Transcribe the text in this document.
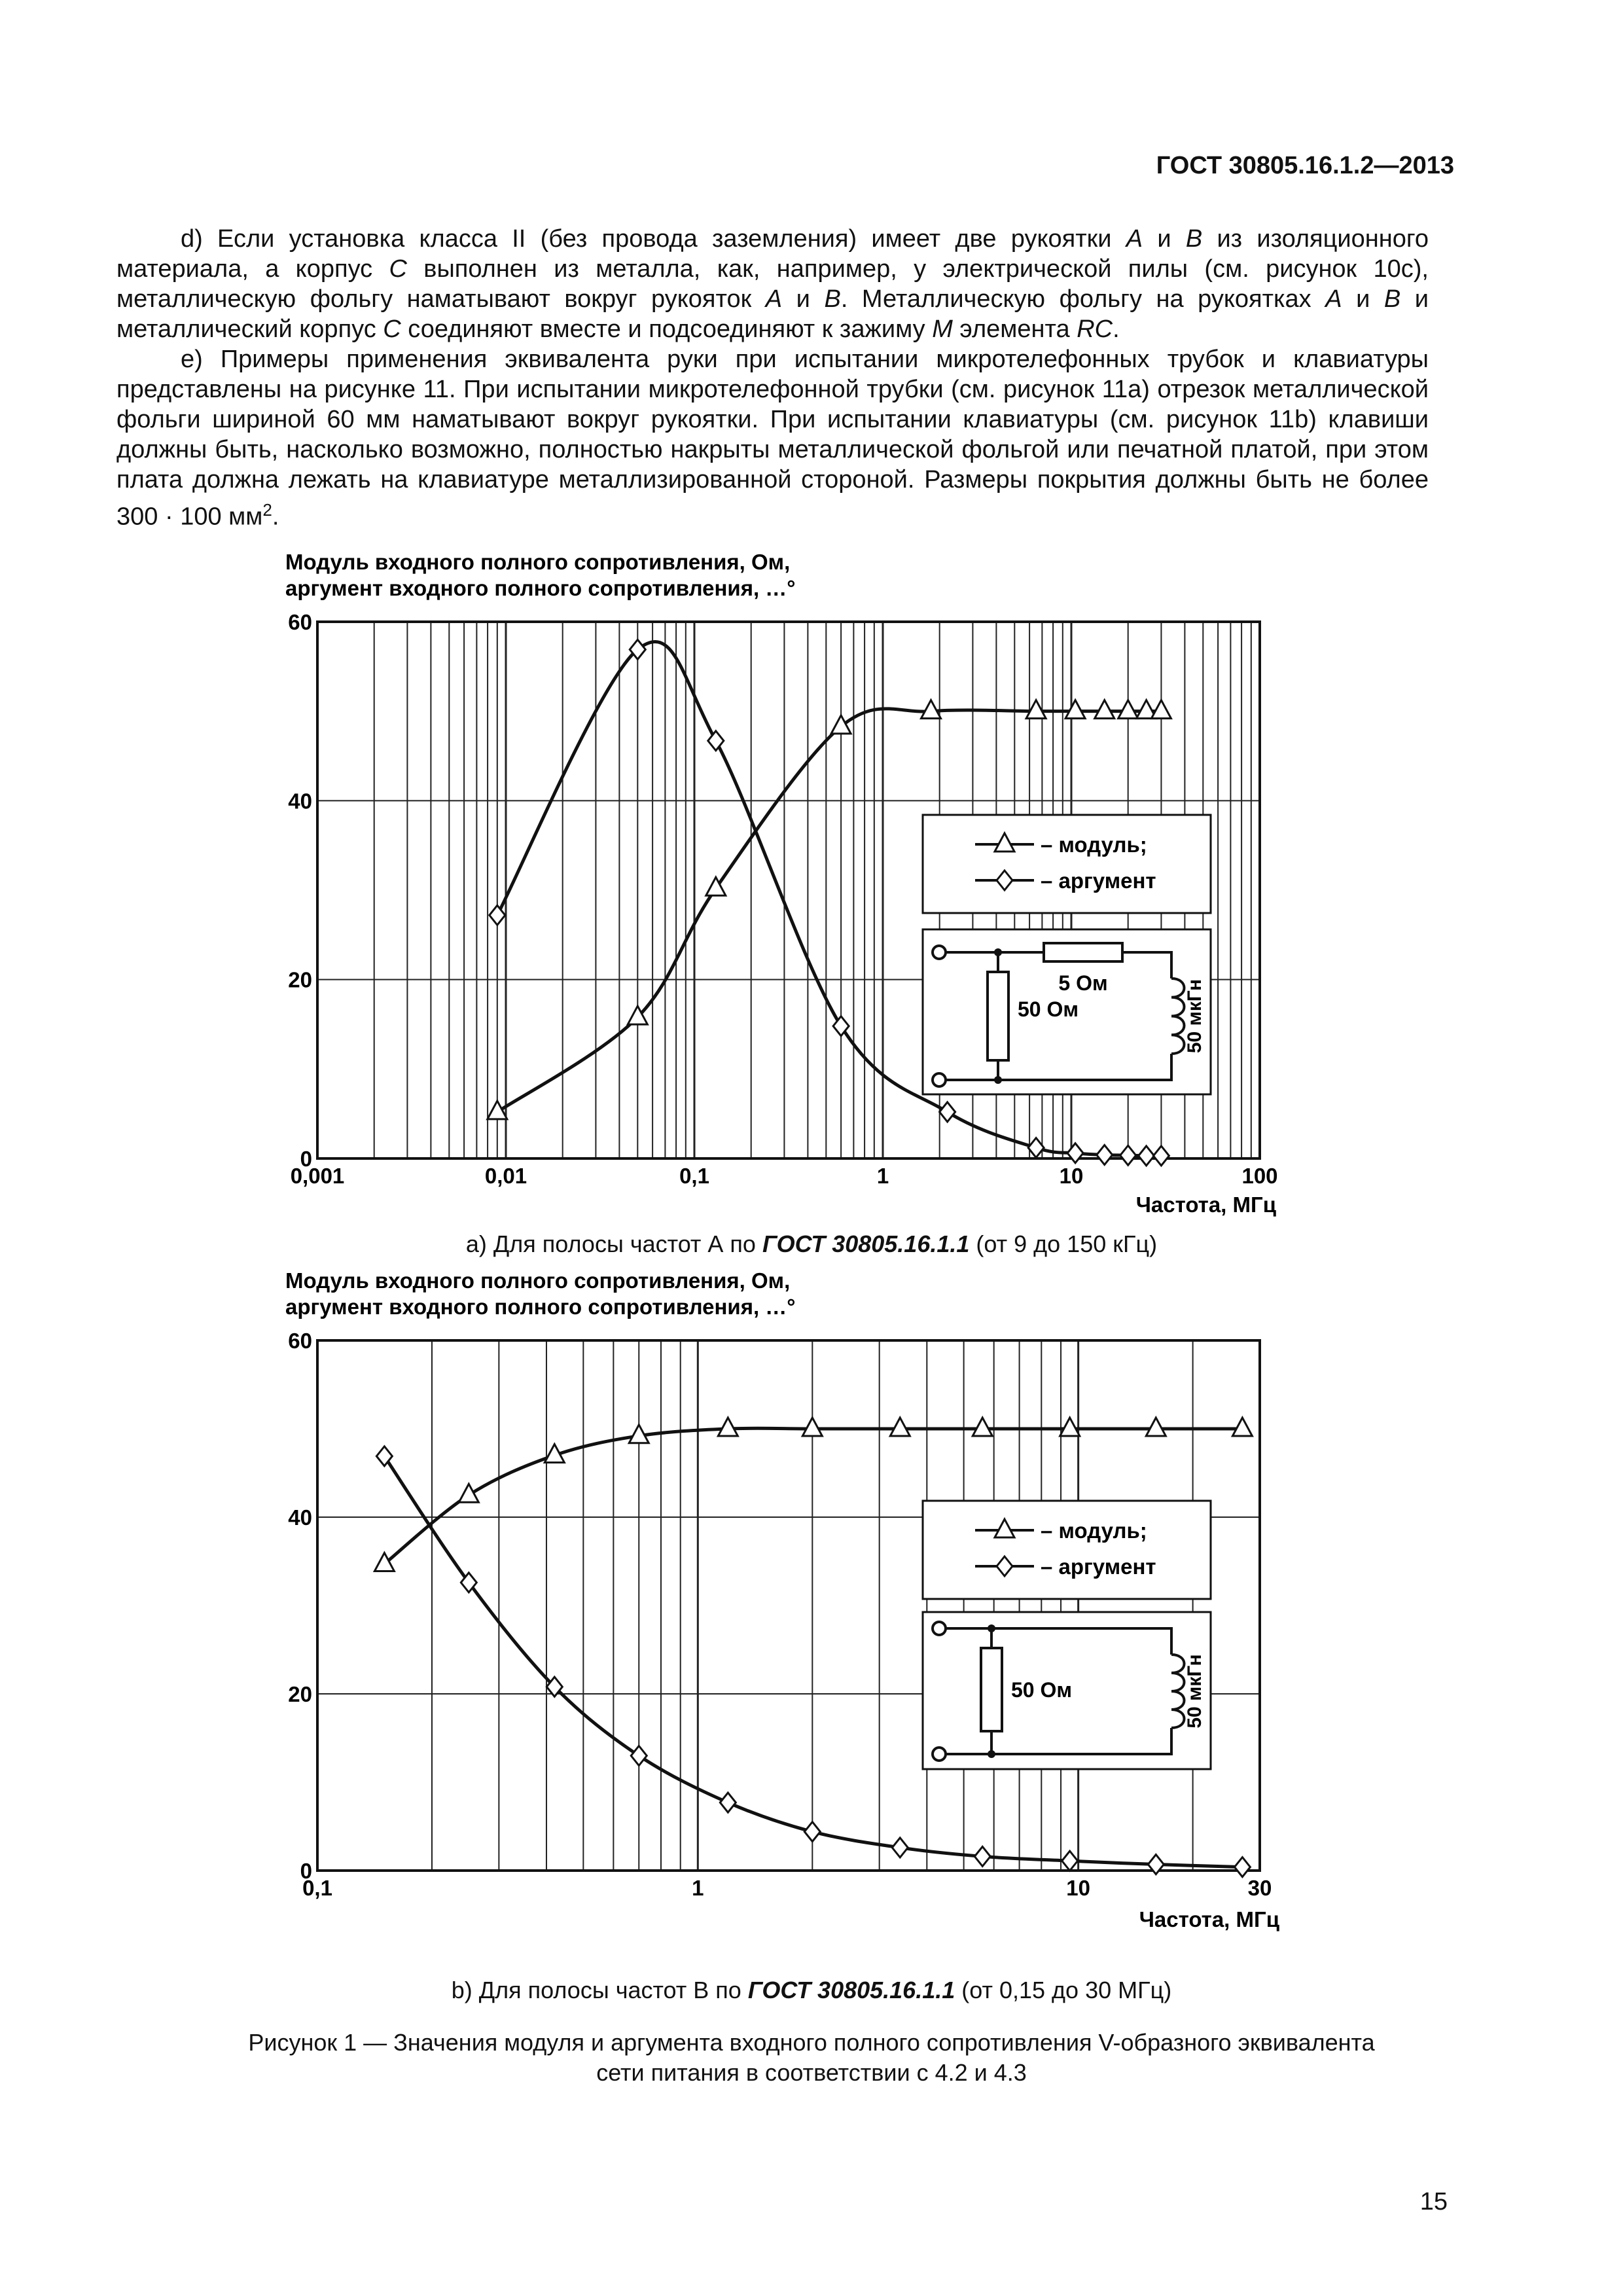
ГОСТ 30805.16.1.2—2013

d) Если установка класса II (без провода заземления) имеет две рукоятки A и B из изоляционного материала, а корпус C выполнен из металла, как, например, у электрической пилы (см. рисунок 10c), металлическую фольгу наматывают вокруг рукояток A и B. Металлическую фольгу на рукоятках A и B и металлический корпус C соединяют вместе и подсоединяют к зажиму M элемента RC.

e) Примеры применения эквивалента руки при испытании микротелефонных трубок и клавиатуры представлены на рисунке 11. При испытании микротелефонной трубки (см. рисунок 11a) отрезок металлической фольги шириной 60 мм наматывают вокруг рукоятки. При испытании клавиатуры (см. рисунок 11b) клавиши должны быть, насколько возможно, полностью накрыты металлической фольгой или печатной платой, при этом плата должна лежать на клавиатуре металлизированной стороной. Размеры покрытия должны быть не более 300 · 100 $мм^2$.

Модуль входного полного сопротивления, Ом,
аргумент входного полного сопротивления, …°
0
20
40
60
0,001	0,01	0,1	1	10	100
Частота, МГц
– модуль;
– аргумент
5 Ом
50 Ом	50 мкГн
a) Для полосы частот А по ГОСТ 30805.16.1.1 (от 9 до 150 кГц)
Модуль входного полного сопротивления, Ом,
аргумент входного полного сопротивления, …°
0
20
40
60
0,1	1	10	30
Частота, МГц
– модуль;
– аргумент
50 Ом	50 мкГн
b) Для полосы частот В по ГОСТ 30805.16.1.1 (от 0,15 до 30 МГц)
Рисунок 1 — Значения модуля и аргумента входного полного сопротивления V-образного эквивалента
сети питания в соответствии с 4.2 и 4.3
15
